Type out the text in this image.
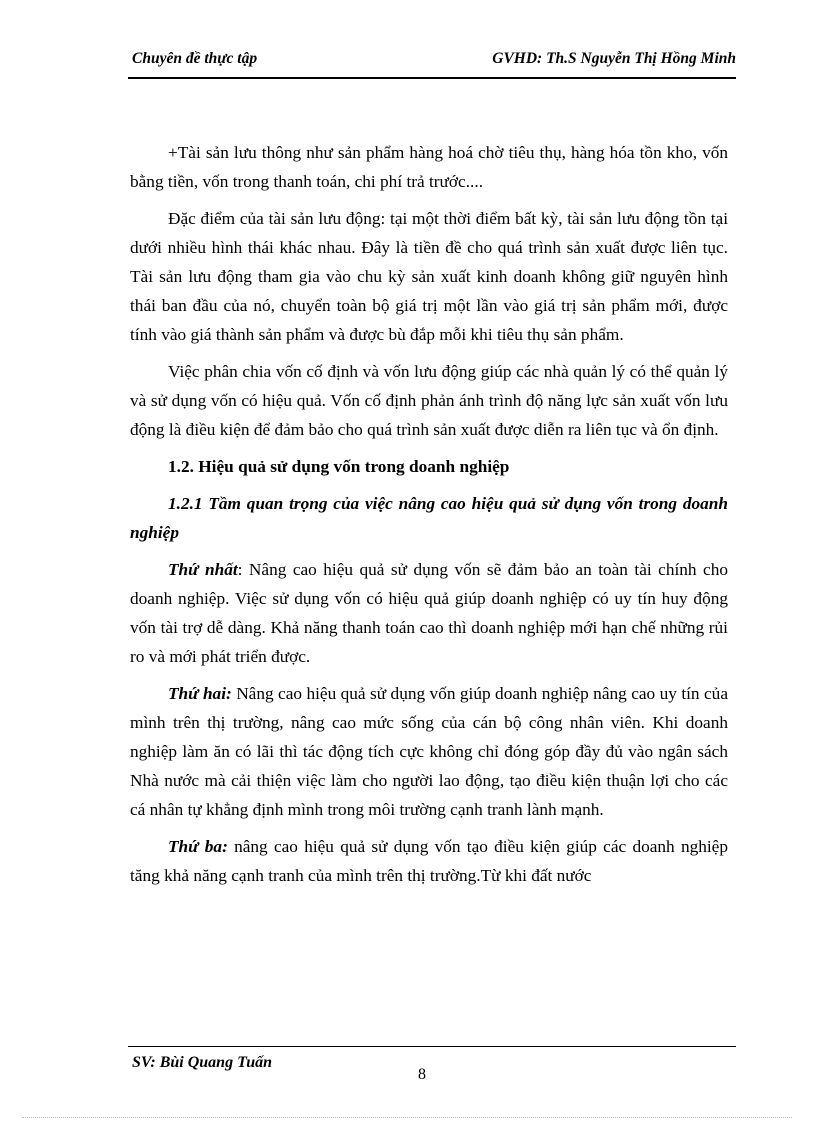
Chuyên đề thực tập	GVHD: Th.S Nguyễn Thị Hồng Minh

+Tài sản lưu thông như sản phẩm hàng hoá chờ tiêu thụ, hàng hóa tồn kho, vốn bằng tiền, vốn trong thanh toán, chi phí trả trước....

Đặc điểm của tài sản lưu động: tại một thời điểm bất kỳ, tài sản lưu động tồn tại dưới nhiều hình thái khác nhau. Đây là tiền đề cho quá trình sản xuất được liên tục. Tài sản lưu động tham gia vào chu kỳ sản xuất kinh doanh không giữ nguyên hình thái ban đầu của nó, chuyển toàn bộ giá trị một lần vào giá trị sản phẩm mới, được tính vào giá thành sản phẩm và được bù đắp mỗi khi tiêu thụ sản phẩm.

Việc phân chia vốn cố định và vốn lưu động giúp các nhà quản lý có thể quản lý và sử dụng vốn có hiệu quả. Vốn cố định phản ánh trình độ năng lực sản xuất vốn lưu động là điều kiện để đảm bảo cho quá trình sản xuất được diễn ra liên tục và ổn định.

1.2. Hiệu quả sử dụng vốn trong doanh nghiệp

1.2.1 Tầm quan trọng của việc nâng cao hiệu quả sử dụng vốn trong doanh nghiệp

Thứ nhất: Nâng cao hiệu quả sử dụng vốn sẽ đảm bảo an toàn tài chính cho doanh nghiệp. Việc sử dụng vốn có hiệu quả giúp doanh nghiệp có uy tín huy động vốn tài trợ dễ dàng. Khả năng thanh toán cao thì doanh nghiệp mới hạn chế những rủi ro và mới phát triển được.

Thứ hai: Nâng cao hiệu quả sử dụng vốn giúp doanh nghiệp nâng cao uy tín của mình trên thị trường, nâng cao mức sống của cán bộ công nhân viên. Khi doanh nghiệp làm ăn có lãi thì tác động tích cực không chỉ đóng góp đầy đủ vào ngân sách Nhà nước mà cải thiện việc làm cho người lao động, tạo điều kiện thuận lợi cho các cá nhân tự khẳng định mình trong môi trường cạnh tranh lành mạnh.

Thứ ba: nâng cao hiệu quả sử dụng vốn tạo điều kiện giúp các doanh nghiệp tăng khả năng cạnh tranh của mình trên thị trường.Từ khi đất nước

SV: Bùi Quang Tuấn
8
